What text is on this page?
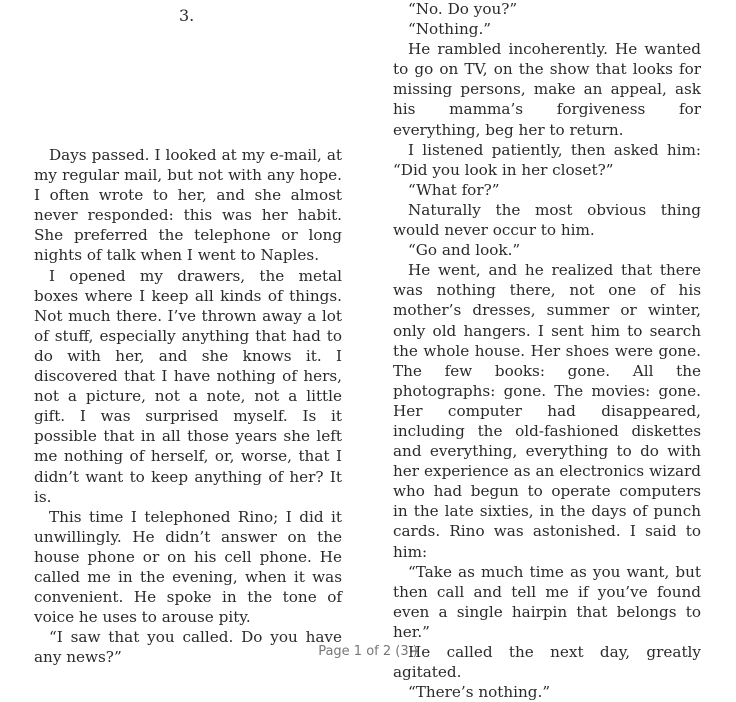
3.

Days passed. I looked at my e-mail, at my regular mail, but not with any hope. I often wrote to her, and she almost never responded: this was her habit. She preferred the telephone or long nights of talk when I went to Naples.

I opened my drawers, the metal boxes where I keep all kinds of things. Not much there. I’ve thrown away a lot of stuff, especially anything that had to do with her, and she knows it. I discovered that I have nothing of hers, not a picture, not a note, not a little gift. I was surprised myself. Is it possible that in all those years she left me nothing of herself, or, worse, that I didn’t want to keep anything of her? It is.

This time I telephoned Rino; I did it unwillingly. He didn’t answer on the house phone or on his cell phone. He called me in the evening, when it was convenient. He spoke in the tone of voice he uses to arouse pity.

“I saw that you called. Do you have any news?”

“No. Do you?”

“Nothing.”

He rambled incoherently. He wanted to go on TV, on the show that looks for missing persons, make an appeal, ask his mamma’s forgiveness for everything, beg her to return.

I listened patiently, then asked him: “Did you look in her closet?”

“What for?”

Naturally the most obvious thing would never occur to him.

“Go and look.”

He went, and he realized that there was nothing there, not one of his mother’s dresses, summer or winter, only old hangers. I sent him to search the whole house. Her shoes were gone. The few books: gone. All the photographs: gone. The movies: gone. Her computer had disappeared, including the old-fashioned diskettes and everything, everything to do with her experience as an electronics wizard who had begun to operate computers in the late sixties, in the days of punch cards. Rino was astonished. I said to him:

“Take as much time as you want, but then call and tell me if you’ve found even a single hairpin that belongs to her.”

He called the next day, greatly agitated.

“There’s nothing.”

Page 1 of 2 (3.)
